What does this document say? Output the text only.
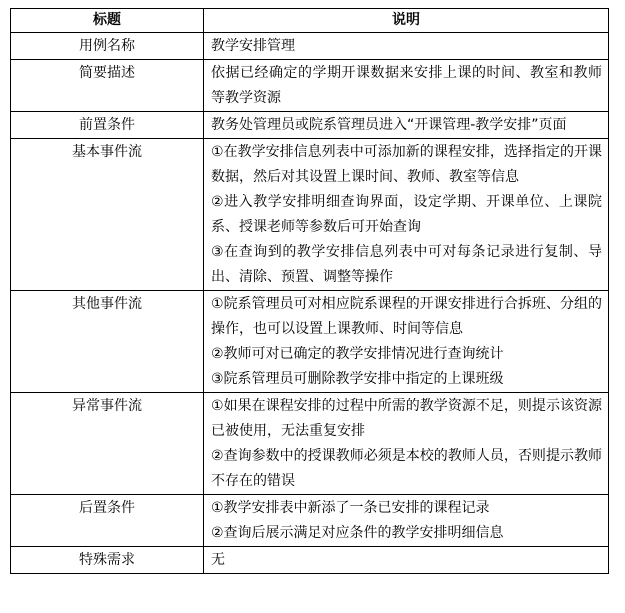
标题	说明
用例名称	教学安排管理

简要描述	依据已经确定的学期开课数据来安排上课的时间、教室和教师等教学资源

前置条件	教务处管理员或院系管理员进入“开课管理-教学安排”页面

基本事件流	①在教学安排信息列表中可添加新的课程安排，选择指定的开课数据，然后对其设置上课时间、教师、教室等信息
②进入教学安排明细查询界面，设定学期、开课单位、上课院系、授课老师等参数后可开始查询
③在查询到的教学安排信息列表中可对每条记录进行复制、导出、清除、预置、调整等操作

其他事件流	①院系管理员可对相应院系课程的开课安排进行合拆班、分组的操作，也可以设置上课教师、时间等信息
②教师可对已确定的教学安排情况进行查询统计
③院系管理员可删除教学安排中指定的上课班级

异常事件流	①如果在课程安排的过程中所需的教学资源不足，则提示该资源已被使用，无法重复安排
②查询参数中的授课教师必须是本校的教师人员，否则提示教师不存在的错误

后置条件	①教学安排表中新添了一条已安排的课程记录
②查询后展示满足对应条件的教学安排明细信息

特殊需求	无
